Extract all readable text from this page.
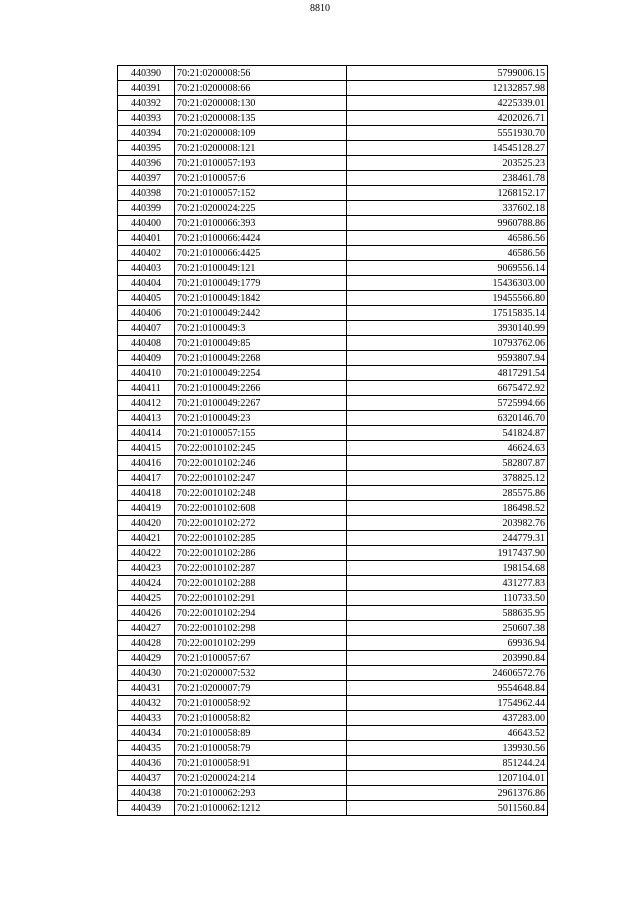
8810
440390	70:21:0200008:56	5799006.15
440391	70:21:0200008:66	12132857.98
440392	70:21:0200008:130	4225339.01
440393	70:21:0200008:135	4202026.71
440394	70:21:0200008:109	5551930.70
440395	70:21:0200008:121	14545128.27
440396	70:21:0100057:193	203525.23
440397	70:21:0100057:6	238461.78
440398	70:21:0100057:152	1268152.17
440399	70:21:0200024:225	337602.18
440400	70:21:0100066:393	9960788.86
440401	70:21:0100066:4424	46586.56
440402	70:21:0100066:4425	46586.56
440403	70:21:0100049:121	9069556.14
440404	70:21:0100049:1779	15436303.00
440405	70:21:0100049:1842	19455566.80
440406	70:21:0100049:2442	17515835.14
440407	70:21:0100049:3	3930140.99
440408	70:21:0100049:85	10793762.06
440409	70:21:0100049:2268	9593807.94
440410	70:21:0100049:2254	4817291.54
440411	70:21:0100049:2266	6675472.92
440412	70:21:0100049:2267	5725994.66
440413	70:21:0100049:23	6320146.70
440414	70:21:0100057:155	541824.87
440415	70:22:0010102:245	46624.63
440416	70:22:0010102:246	582807.87
440417	70:22:0010102:247	378825.12
440418	70:22:0010102:248	285575.86
440419	70:22:0010102:608	186498.52
440420	70:22:0010102:272	203982.76
440421	70:22:0010102:285	244779.31
440422	70:22:0010102:286	1917437.90
440423	70:22:0010102:287	198154.68
440424	70:22:0010102:288	431277.83
440425	70:22:0010102:291	110733.50
440426	70:22:0010102:294	588635.95
440427	70:22:0010102:298	250607.38
440428	70:22:0010102:299	69936.94
440429	70:21:0100057:67	203990.84
440430	70:21:0200007:532	24606572.76
440431	70:21:0200007:79	9554648.84
440432	70:21:0100058:92	1754962.44
440433	70:21:0100058:82	437283.00
440434	70:21:0100058:89	46643.52
440435	70:21:0100058:79	139930.56
440436	70:21:0100058:91	851244.24
440437	70:21:0200024:214	1207104.01
440438	70:21:0100062:293	2961376.86
440439	70:21:0100062:1212	5011560.84
